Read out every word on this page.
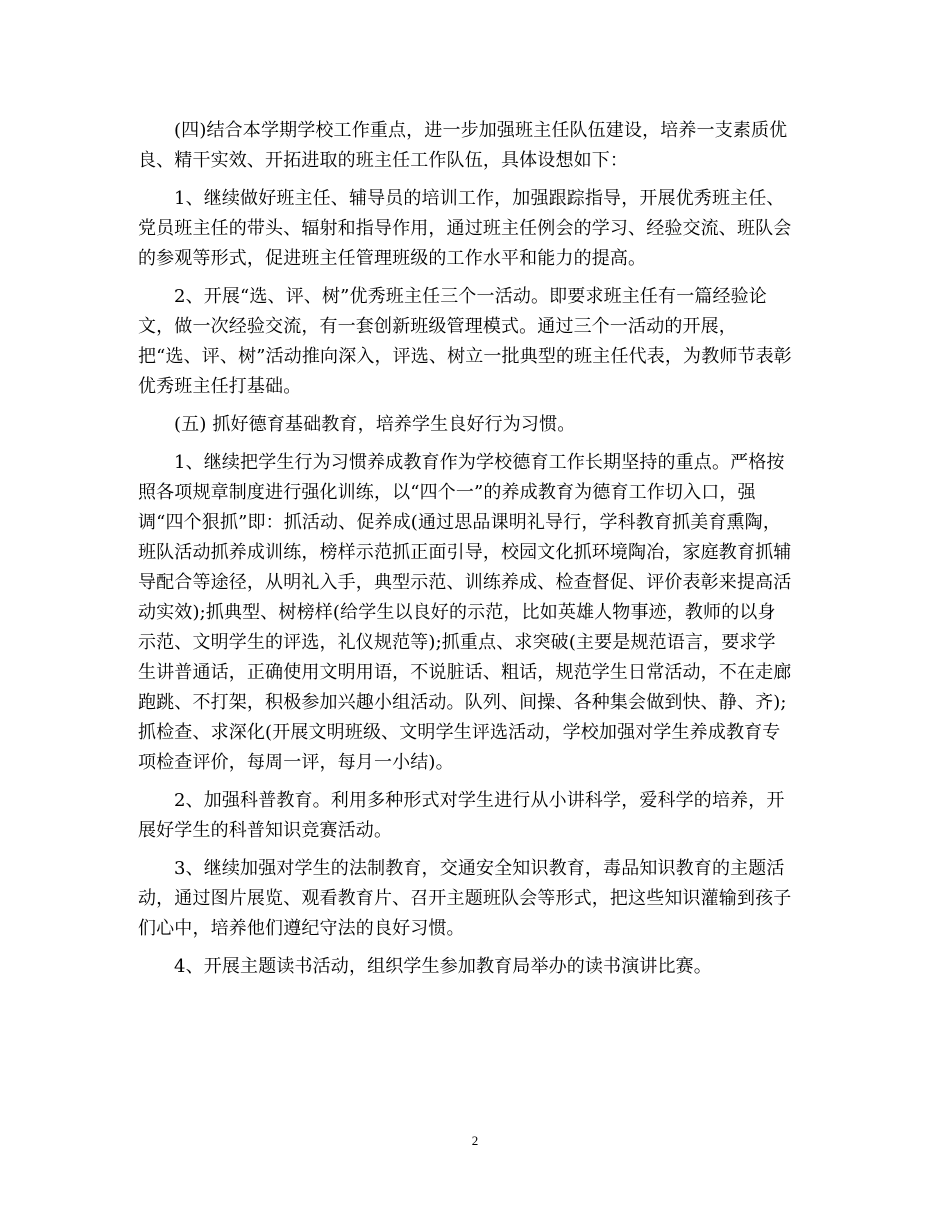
(四)结合本学期学校工作重点，进一步加强班主任队伍建设，培养一支素质优
良、精干实效、开拓进取的班主任工作队伍，具体设想如下：
1、继续做好班主任、辅导员的培训工作，加强跟踪指导，开展优秀班主任、
党员班主任的带头、辐射和指导作用，通过班主任例会的学习、经验交流、班队会
的参观等形式，促进班主任管理班级的工作水平和能力的提高。
2、开展“选、评、树”优秀班主任三个一活动。即要求班主任有一篇经验论
文，做一次经验交流，有一套创新班级管理模式。通过三个一活动的开展，
把“选、评、树”活动推向深入，评选、树立一批典型的班主任代表，为教师节表彰
优秀班主任打基础。
(五) 抓好德育基础教育，培养学生良好行为习惯。
1、继续把学生行为习惯养成教育作为学校德育工作长期坚持的重点。严格按
照各项规章制度进行强化训练，以“四个一”的养成教育为德育工作切入口，强
调“四个狠抓”即：抓活动、促养成(通过思品课明礼导行，学科教育抓美育熏陶，
班队活动抓养成训练，榜样示范抓正面引导，校园文化抓环境陶冶，家庭教育抓辅
导配合等途径，从明礼入手，典型示范、训练养成、检查督促、评价表彰来提高活
动实效);抓典型、树榜样(给学生以良好的示范，比如英雄人物事迹，教师的以身
示范、文明学生的评选，礼仪规范等);抓重点、求突破(主要是规范语言，要求学
生讲普通话，正确使用文明用语，不说脏话、粗话，规范学生日常活动，不在走廊
跑跳、不打架，积极参加兴趣小组活动。队列、间操、各种集会做到快、静、齐);
抓检查、求深化(开展文明班级、文明学生评选活动，学校加强对学生养成教育专
项检查评价，每周一评，每月一小结)。
2、加强科普教育。利用多种形式对学生进行从小讲科学，爱科学的培养，开
展好学生的科普知识竞赛活动。
3、继续加强对学生的法制教育，交通安全知识教育，毒品知识教育的主题活
动，通过图片展览、观看教育片、召开主题班队会等形式，把这些知识灌输到孩子
们心中，培养他们遵纪守法的良好习惯。
4、开展主题读书活动，组织学生参加教育局举办的读书演讲比赛。
2
